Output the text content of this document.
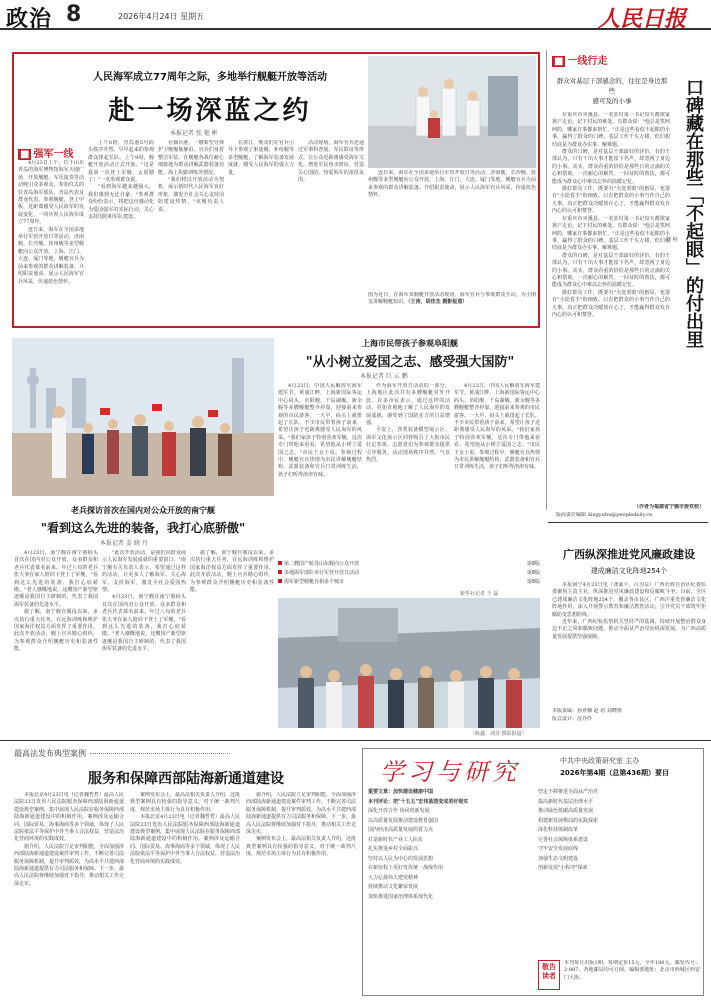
政治 8	2026年4月24日 星期五	人民日报
人民海军成立77周年之际，多地举行舰艇开放等活动
赴一场深蓝之约
本报记者 张 艳 彬
■ 强军一线

4月23日上午，位于山东青岛的海军博物馆海军天地广场，开放舰艇、军乐演奏等活动吸引众多观众。参加仪式的驻青岛海军部队、青岛代表及群众代表，参观舰艇，登上甲板，近距离感受人民海军的发展变化，一同庆祝人民海军成立77周年。

连日来，海军在全国多地举行军营开放日等活动，济南舰、长沙舰、抚州舰等多型舰艇向公众开放。上海、江门、大连、厦门等地，舰艇官兵为前来参观的群众讲解装备、介绍职责使命，展示人民海军官兵风采，传递蓝色情怀。

上午8时，青岛港5号码头秩序井然，早早赶来的参观群众排起长队。上午9时，舰艇开放活动正式开始。"这是我第一次登上军舰，太震撼了！"一名参观群众说。

"看到海军越来越强大，我们感到无比自豪。"参观群众纷纷表示，将把这份感动化为爱国强军的实际行动，关心支持国防和军队建设。

在烟台港，一艘新型导弹护卫舰舰舷静泊。官兵们身着整洁军装，在舰艇各战位耐心细致地为群众讲解武器装备功能、海上执勤训练等情况。

"我们将以开放活动为契机，展示新时代人民海军良好形象，激发全社会关心支持国防建设热情。"该舰负责人说。

在湛江，观众们在官兵引导下参观了驱逐舰、补给舰等多型舰艇，了解海军装备发展成就，感受人民海军的强大力量。

活动现场，海军官兵还通过军事科普展、军民联谊等形式，让公众近距离感受海军文化，增进军民鱼水情谊，营造关心国防、热爱海军的浓厚氛围。

连日来，海军在全国多地举行军营开放日等活动，济南舰、长沙舰、抚州舰等多型舰艇向公众开放。上海、江门、大连、厦门等地，舰艇官兵为前来参观的群众讲解装备、介绍职责使命，展示人民海军官兵风采，传递蓝色情怀。

图为近日，在海军某舰艇开放活动现场，海军官兵与参观群众互动，为小朋友讲解舰艇知识。（王涛、胡佳杰 摄影报道）
上海市民带孩子参观阜阳舰
"从小树立爱国之志、感受强大国防"
本报记者 巨 云 鹏

4月23日，中国人民解放军海军建军节。黄浦江畔，上海新国际客运中心码头，阜阳舰、千岛湖舰、新余舰等多艘舰艇整齐停靠，迎接前来参观的市民游客。一大早，码头上就排起了长队，不少市民带着孩子前来，希望让孩子近距离感受人民海军的风采。"我们家孩子特别喜欢军舰，这次专门带他来看看，希望他从小树立爱国之志。"市民王女士说。参观过程中，舰艇官兵热情为市民讲解舰艇结构、武器装备和官兵日常训练生活，孩子们听得津津有味。

作为海军开放日活动的一部分，上海地区此次共有多艘舰艇对外开放。许多市民表示，通过这样的活动，更加直观地了解了人民海军的发展成就，感受到了国防实力的日益增强。

平安上，各类装备模型展示区、海军文化展示区同样吸引了大批市民驻足参观。志愿者们为参观群众提供引导服务，活动现场秩序井然，气氛热烈。

4月23日，中国人民解放军海军建军节。黄浦江畔，上海新国际客运中心码头，阜阳舰、千岛湖舰、新余舰等多艘舰艇整齐停靠，迎接前来参观的市民游客。一大早，码头上就排起了长队，不少市民带着孩子前来，希望让孩子近距离感受人民海军的风采。"我们家孩子特别喜欢军舰，这次专门带他来看看，希望他从小树立爱国之志。"市民王女士说。参观过程中，舰艇官兵热情为市民讲解舰艇结构、武器装备和官兵日常训练生活，孩子们听得津津有味。

第二艘国产航母山东舰向公众开放	第8版
多地海军部队举行军营开放日活动	第8版
海军新型舰艇亮相多个城市	第8版
新华社记者 王 磊
老兵探访首次在国内对公众开放的南宁舰
"看到这么先进的装备，我打心底骄傲"
本报记者 姜 晓 丹

4月23日，南宁舰在南宁港码头首次在国内对公众开放，众多群众和老兵代表慕名前来。年过八旬的老兵张大爷在家人陪同下登上了军舰，"看到这么先进的装备，我打心底骄傲。"老人感慨地说。这艘国产新型驱逐舰是我国自主研制的，代表了我国海军装备的先进水平。

据了解，南宁舰自服役以来，多次执行重大任务，在远海训练和维护国家海洋权益方面发挥了重要作用。此次开放活动，舰上官兵精心组织，为参观群众介绍舰艇历史和装备性能。

"此次开放活动，是我们向群众展示人民海军发展成就的重要窗口。"南宁舰有关负责人表示，希望通过这样的活动，让更多人了解海军、关心海军、支持海军，激发全社会爱国热情。

4月23日，南宁舰在南宁港码头首次在国内对公众开放，众多群众和老兵代表慕名前来。年过八旬的老兵张大爷在家人陪同下登上了军舰，"看到这么先进的装备，我打心底骄傲。"老人感慨地说。这艘国产新型驱逐舰是我国自主研制的，代表了我国海军装备的先进水平。

据了解，南宁舰自服役以来，多次执行重大任务，在远海训练和维护国家海洋权益方面发挥了重要作用。此次开放活动，舰上官兵精心组织，为参观群众介绍舰艇历史和装备性能。

（陈鑫、刘芳 摄影报道）
■ 一线行走
群众对基层干部感念的，往往是身边那些
感可及的小事	口碑藏在那些「不起眼」的付出里
刘 畅

在重庆市巫溪县，一名驻村第一书记每天都挨家挨户走访，记下村民的难处。有群众说："他总是笑呵呵的，哪家有事都来帮忙。"正是这些看似不起眼的小事，赢得了群众的口碑。基层工作千头万绪，但归根结底是为群众办实事、解难题。

群众的口碑，是对基层干部最好的评价。有的干部认为，只有干出大事才能留下名声，却忽视了身边的小事。其实，群众看重的恰恰是那些日常点滴的关心和帮助。一次耐心的解答、一回及时的帮扶，都可能成为群众心中难以忘怀的温暖记忆。

做好群众工作，既要有"大处着眼"的格局，也要有"小处着手"的细致。只有把群众的小事当作自己的大事，真正把群众冷暖放在心上，才能赢得群众发自内心的认可和赞誉。

在重庆市巫溪县，一名驻村第一书记每天都挨家挨户走访，记下村民的难处。有群众说："他总是笑呵呵的，哪家有事都来帮忙。"正是这些看似不起眼的小事，赢得了群众的口碑。基层工作千头万绪，但归根结底是为群众办实事、解难题。

群众的口碑，是对基层干部最好的评价。有的干部认为，只有干出大事才能留下名声，却忽视了身边的小事。其实，群众看重的恰恰是那些日常点滴的关心和帮助。一次耐心的解答、一回及时的帮扶，都可能成为群众心中难以忘怀的温暖记忆。

做好群众工作，既要有"大处着眼"的格局，也要有"小处着手"的细致。只有把群众的小事当作自己的大事，真正把群众冷暖放在心上，才能赢得群众发自内心的认可和赞誉。

（作者为福建省宁德市委党校）
版面责任编辑 dingyuhu@peopledaily.cn
广西纵深推进党风廉政建设
建成廉洁文化阵地254个

本报南宁4月23日电（龚家平、吕为益）广西壮族自治区纪委监委聚焦主责主业，纵深推进党风廉政建设和反腐败斗争。目前，全区已建成廉洁文化阵地254个，覆盖各市县区。广西注重发挥廉洁文化阵地作用，深入开展警示教育和廉洁教育活动，引导党员干部筑牢拒腐防变思想防线。

近年来，广西纪检监察机关坚持严的基调，持续开展整治群众身边不正之风和腐败问题，推动全面从严治党向纵深发展，为广西高质量发展提供坚强保障。

本版责编：孙亚楠 赵 培 刘晓雨
版式设计：沈亦伶
最高法发布典型案例
服务和保障西部陆海新通道建设

本报北京4月23日电（记者魏哲哲）最高人民法院23日发布人民法院服务保障西部陆海新通道建设典型案例，集中展现人民法院在服务保障西部陆海新通道建设中的积极作用。案例涉及运输合同、国际贸易、海事海商等多个领域，体现了人民法院依法平等保护中外当事人合法权益，营造法治化营商环境的实践成效。

据介绍，人民法院立足审判职能，全面加强涉西部陆海新通道建设案件审判工作，不断完善司法服务保障机制，提升审判质效，为高水平共建西部陆海新通道提供有力司法服务和保障。下一步，最高人民法院将继续加强对下指导，推动相关工作走深走实。

案例发布会上，最高法相关负责人介绍，这批典型案例具有较强的指导意义，对于统一裁判尺度、规范市场主体行为具有积极作用。

本报北京4月23日电（记者魏哲哲）最高人民法院23日发布人民法院服务保障西部陆海新通道建设典型案例，集中展现人民法院在服务保障西部陆海新通道建设中的积极作用。案例涉及运输合同、国际贸易、海事海商等多个领域，体现了人民法院依法平等保护中外当事人合法权益，营造法治化营商环境的实践成效。

据介绍，人民法院立足审判职能，全面加强涉西部陆海新通道建设案件审判工作，不断完善司法服务保障机制，提升审判质效，为高水平共建西部陆海新通道提供有力司法服务和保障。下一步，最高人民法院将继续加强对下指导，推动相关工作走深走实。

案例发布会上，最高法相关负责人介绍，这批典型案例具有较强的指导意义，对于统一裁判尺度、规范市场主体行为具有积极作用。

学习与研究	中共中央政策研究室 主办
2026年第4期（总第436期）要目
重要文章：加快建设健康中国
本刊评论：把"十五五"宏伟蓝图变成美好现实
深化开放合作 协同创新发展
以高质量发展推动建设教育强国
国内经济高质量发展的着力点
打造新时代产业工人队伍
扎实推进乡村全面振兴
坚持以人民为中心的发展思想
在新征程上更好发挥统一战线作用
大力弘扬伟大建党精神
持续推动文化繁荣发展
加快推进国家治理体系现代化
坚定不移推进全面从严治党
提高新时代基层治理水平
推动绿色低碳高质量发展
构建新发展格局的实践探索
深化科技体制改革
完善社会保障体系建设
守牢安全发展底线
加强生态文明建设
创新发展"小程序"探索
敬告读者
本刊每月出版1期，每期定价15元，全年180元。邮发代号：2-887，各地邮局均可订阅。编辑部地址：北京市西城区西安门大街。
